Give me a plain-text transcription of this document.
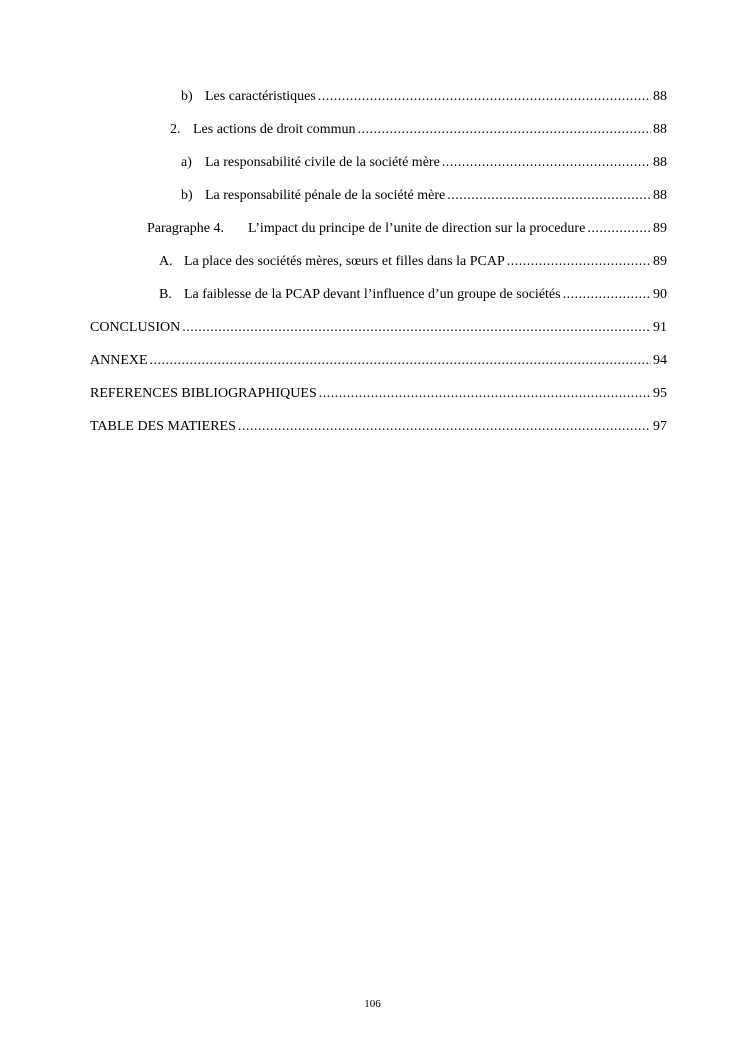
b) Les caractéristiques .....	88
2. Les actions de droit commun .....	88
a) La responsabilité civile de la société mère .....	88
b) La responsabilité pénale de la société mère .....	88
Paragraphe 4.	L’impact du principe de l’unite de direction sur la procedure .....	89
A. La place des sociétés mères, sœurs et filles dans la PCAP .....	89
B. La faiblesse de la PCAP devant l’influence d’un groupe de sociétés .....	90
CONCLUSION .....	91
ANNEXE .....	94
REFERENCES BIBLIOGRAPHIQUES .....	95
TABLE DES MATIERES .....	97
106
